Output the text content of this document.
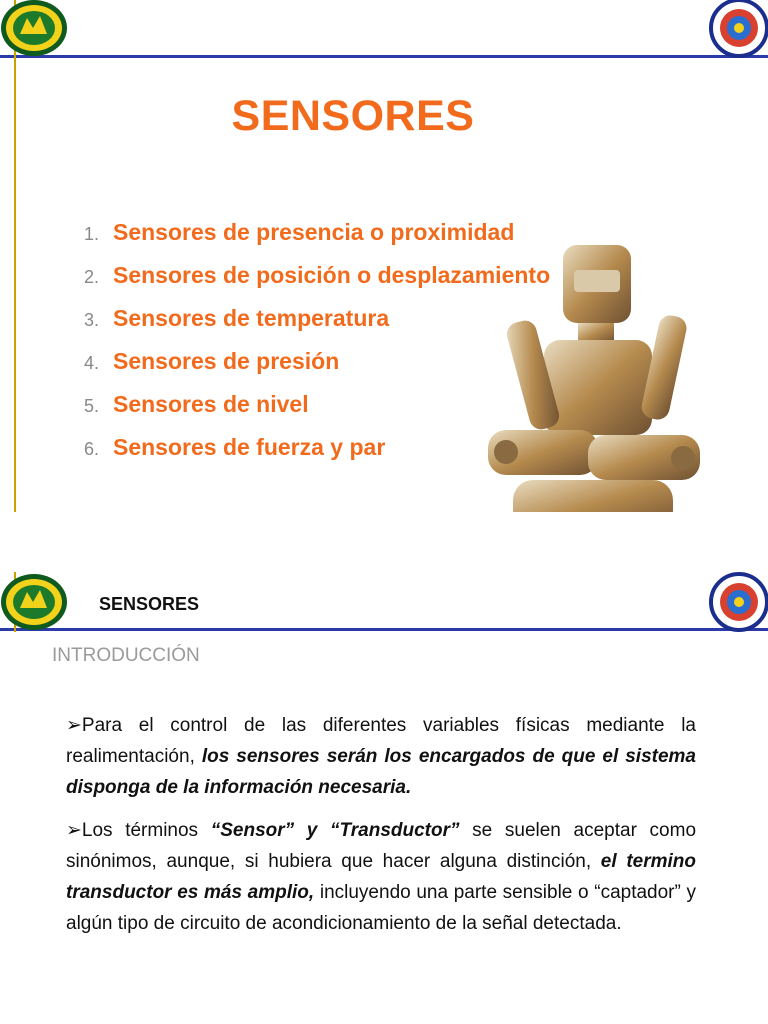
SENSORES
1. Sensores de presencia o proximidad
2. Sensores de posición o desplazamiento
3. Sensores de temperatura
4. Sensores de presión
5. Sensores de nivel
6. Sensores de fuerza y par
SENSORES
INTRODUCCIÓN
➢Para el control de las diferentes variables físicas mediante la realimentación, los sensores serán los encargados de que el sistema disponga de la información necesaria.
➢Los términos “Sensor” y “Transductor” se suelen aceptar como sinónimos, aunque, si hubiera que hacer alguna distinción, el termino transductor es más amplio, incluyendo una parte sensible o “captador” y algún tipo de circuito de acondicionamiento de la señal detectada.
